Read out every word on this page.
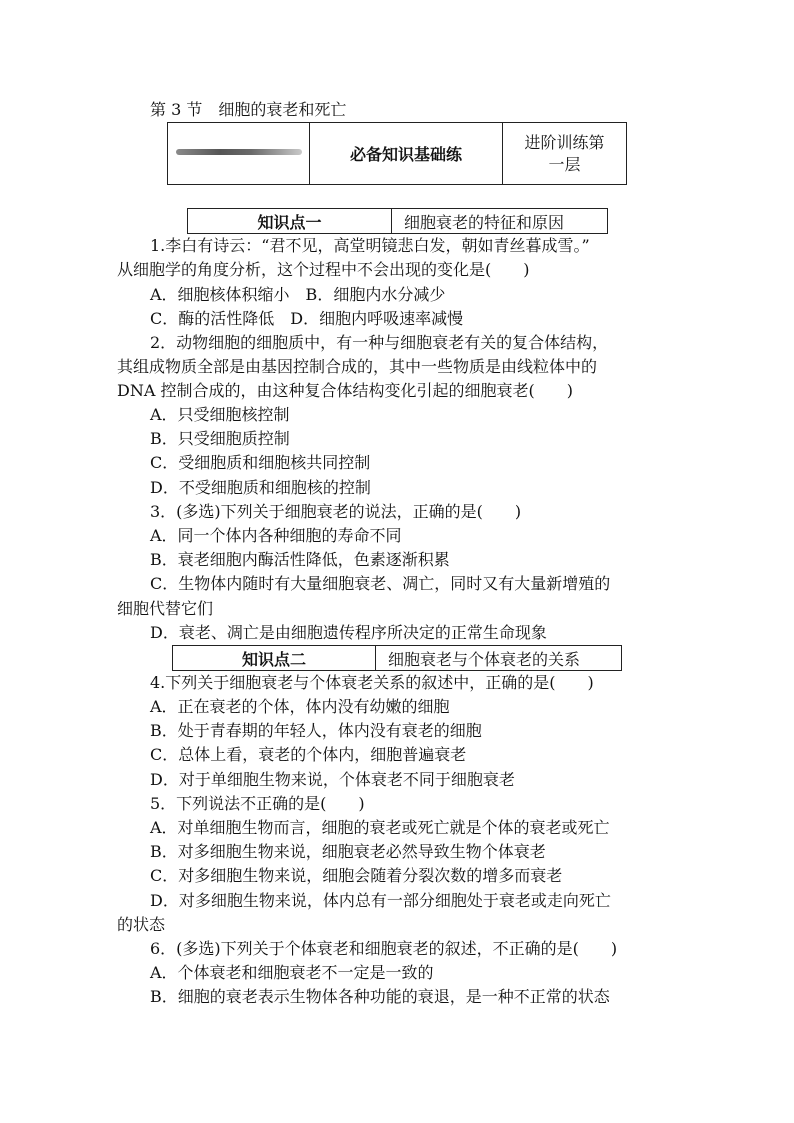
第 3 节　细胞的衰老和死亡
必备知识基础练
进阶训练第
一层
知识点一	细胞衰老的特征和原因
1.李白有诗云：“君不见，高堂明镜悲白发，朝如青丝暮成雪。”
从细胞学的角度分析，这个过程中不会出现的变化是(　　)
A．细胞核体积缩小　B．细胞内水分减少
C．酶的活性降低　D．细胞内呼吸速率减慢
2．动物细胞的细胞质中，有一种与细胞衰老有关的复合体结构，
其组成物质全部是由基因控制合成的，其中一些物质是由线粒体中的
DNA 控制合成的，由这种复合体结构变化引起的细胞衰老(　　)
A．只受细胞核控制
B．只受细胞质控制
C．受细胞质和细胞核共同控制
D．不受细胞质和细胞核的控制
3．(多选)下列关于细胞衰老的说法，正确的是(　　)
A．同一个体内各种细胞的寿命不同
B．衰老细胞内酶活性降低，色素逐渐积累
C．生物体内随时有大量细胞衰老、凋亡，同时又有大量新增殖的
细胞代替它们
D．衰老、凋亡是由细胞遗传程序所决定的正常生命现象
知识点二	细胞衰老与个体衰老的关系
4.下列关于细胞衰老与个体衰老关系的叙述中，正确的是(　　)
A．正在衰老的个体，体内没有幼嫩的细胞
B．处于青春期的年轻人，体内没有衰老的细胞
C．总体上看，衰老的个体内，细胞普遍衰老
D．对于单细胞生物来说，个体衰老不同于细胞衰老
5．下列说法不正确的是(　　)
A．对单细胞生物而言，细胞的衰老或死亡就是个体的衰老或死亡
B．对多细胞生物来说，细胞衰老必然导致生物个体衰老
C．对多细胞生物来说，细胞会随着分裂次数的增多而衰老
D．对多细胞生物来说，体内总有一部分细胞处于衰老或走向死亡
的状态
6．(多选)下列关于个体衰老和细胞衰老的叙述，不正确的是(　　)
A．个体衰老和细胞衰老不一定是一致的
B．细胞的衰老表示生物体各种功能的衰退，是一种不正常的状态
